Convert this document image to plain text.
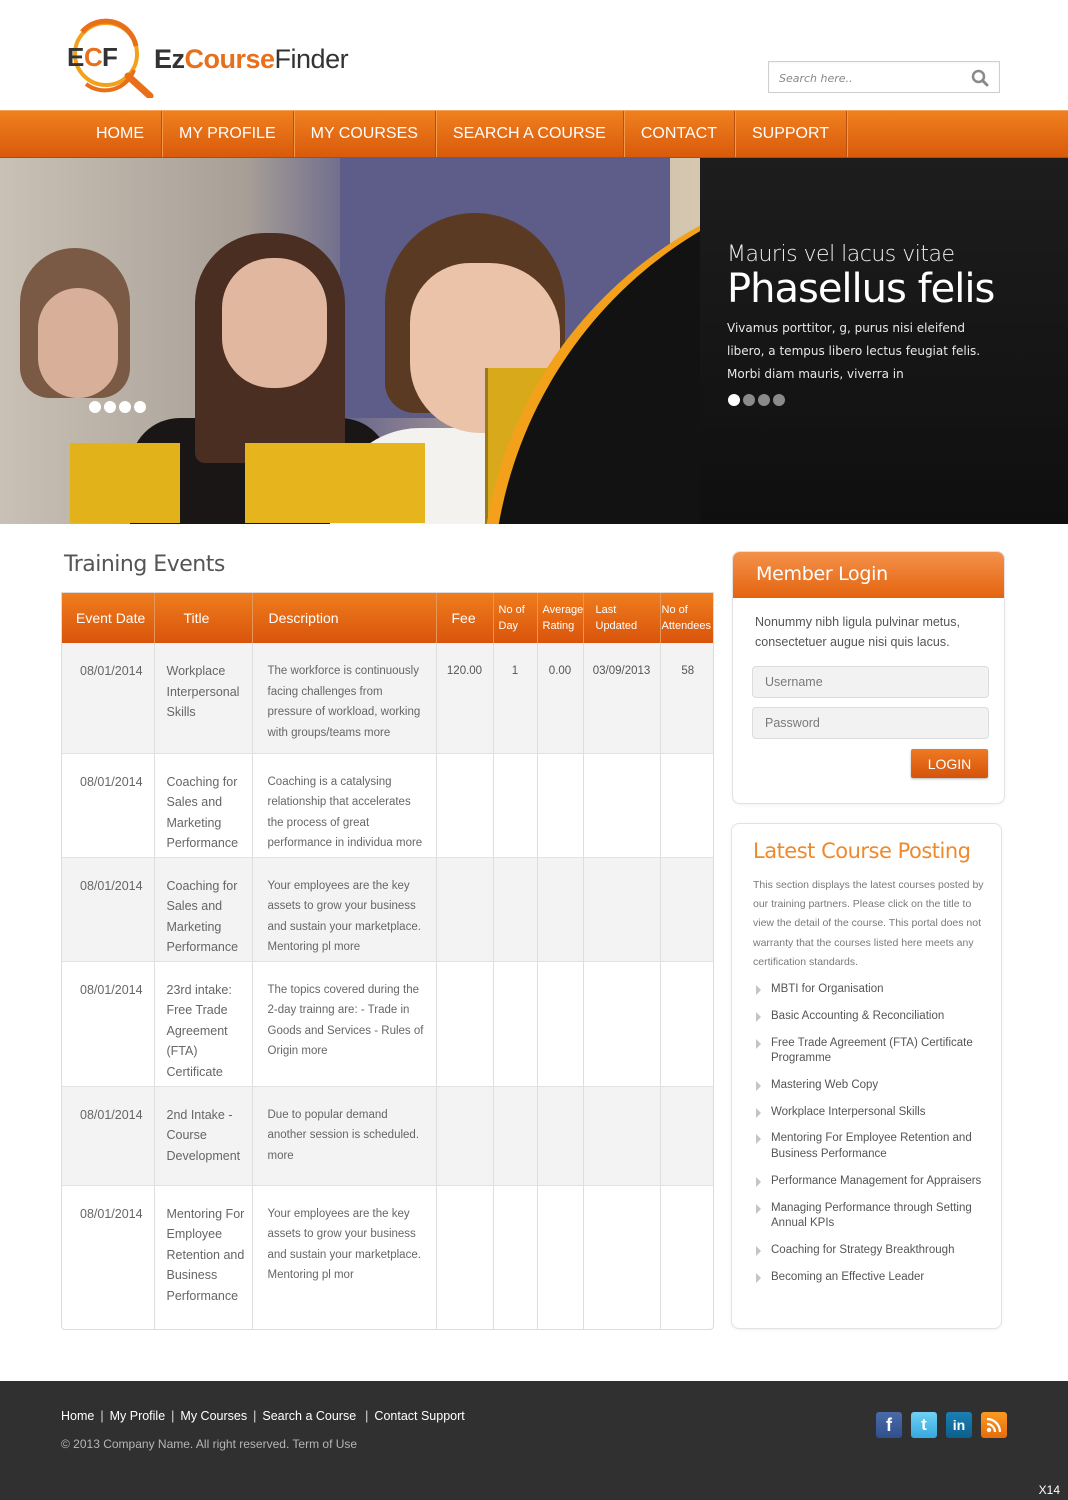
E C F EzCourseFinder
Search here..
HOME	MY PROFILE	MY COURSES	SEARCH A COURSE	CONTACT	SUPPORT
Mauris vel lacus vitae
Phasellus felis
Vivamus porttitor, g, purus nisi eleifend libero, a tempus libero lectus feugiat felis. Morbi diam mauris, viverra in
Training Events
Event Date	Title	Description	Fee	No of Day	Average Rating	Last Updated	No of Attendees
08/01/2014	Workplace Interpersonal Skills	The workforce is continuously facing challenges from pressure of workload, working with groups/teams more	120.00	1	0.00	03/09/2013	58
08/01/2014	Coaching for Sales and Marketing Performance	Coaching is a catalysing relationship that accelerates the process of great performance in individua more					
08/01/2014	Coaching for Sales and Marketing Performance	Your employees are the key assets to grow your business and sustain your marketplace. Mentoring pl more					
08/01/2014	23rd intake: Free Trade Agreement (FTA) Certificate	The topics covered during the 2-day trainng are: - Trade in Goods and Services - Rules of Origin more					
08/01/2014	2nd Intake - Course Development	Due to popular demand another session is scheduled. more					
08/01/2014	Mentoring For Employee Retention and Business Performance	Your employees are the key assets to grow your business and sustain your marketplace. Mentoring pl mor					
Member Login
Nonummy nibh ligula pulvinar metus, consectetuer augue nisi quis lacus.
Username
LOGIN
Latest Course Posting
This section displays the latest courses posted by our training partners. Please click on the title to view the detail of the course. This portal does not warranty that the courses listed here meets any certification standards.
MBTI for Organisation
Basic Accounting & Reconciliation
Free Trade Agreement (FTA) Certificate Programme
Mastering Web Copy
Workplace Interpersonal Skills
Mentoring For Employee Retention and Business Performance
Performance Management for Appraisers
Managing Performance through Setting Annual KPIs
Coaching for Strategy Breakthrough
Becoming an Effective Leader
Home | My Profile | My Courses | Search a Course | Contact Support
© 2013 Company Name. All right reserved. Term of Use
f	t	in
X14
